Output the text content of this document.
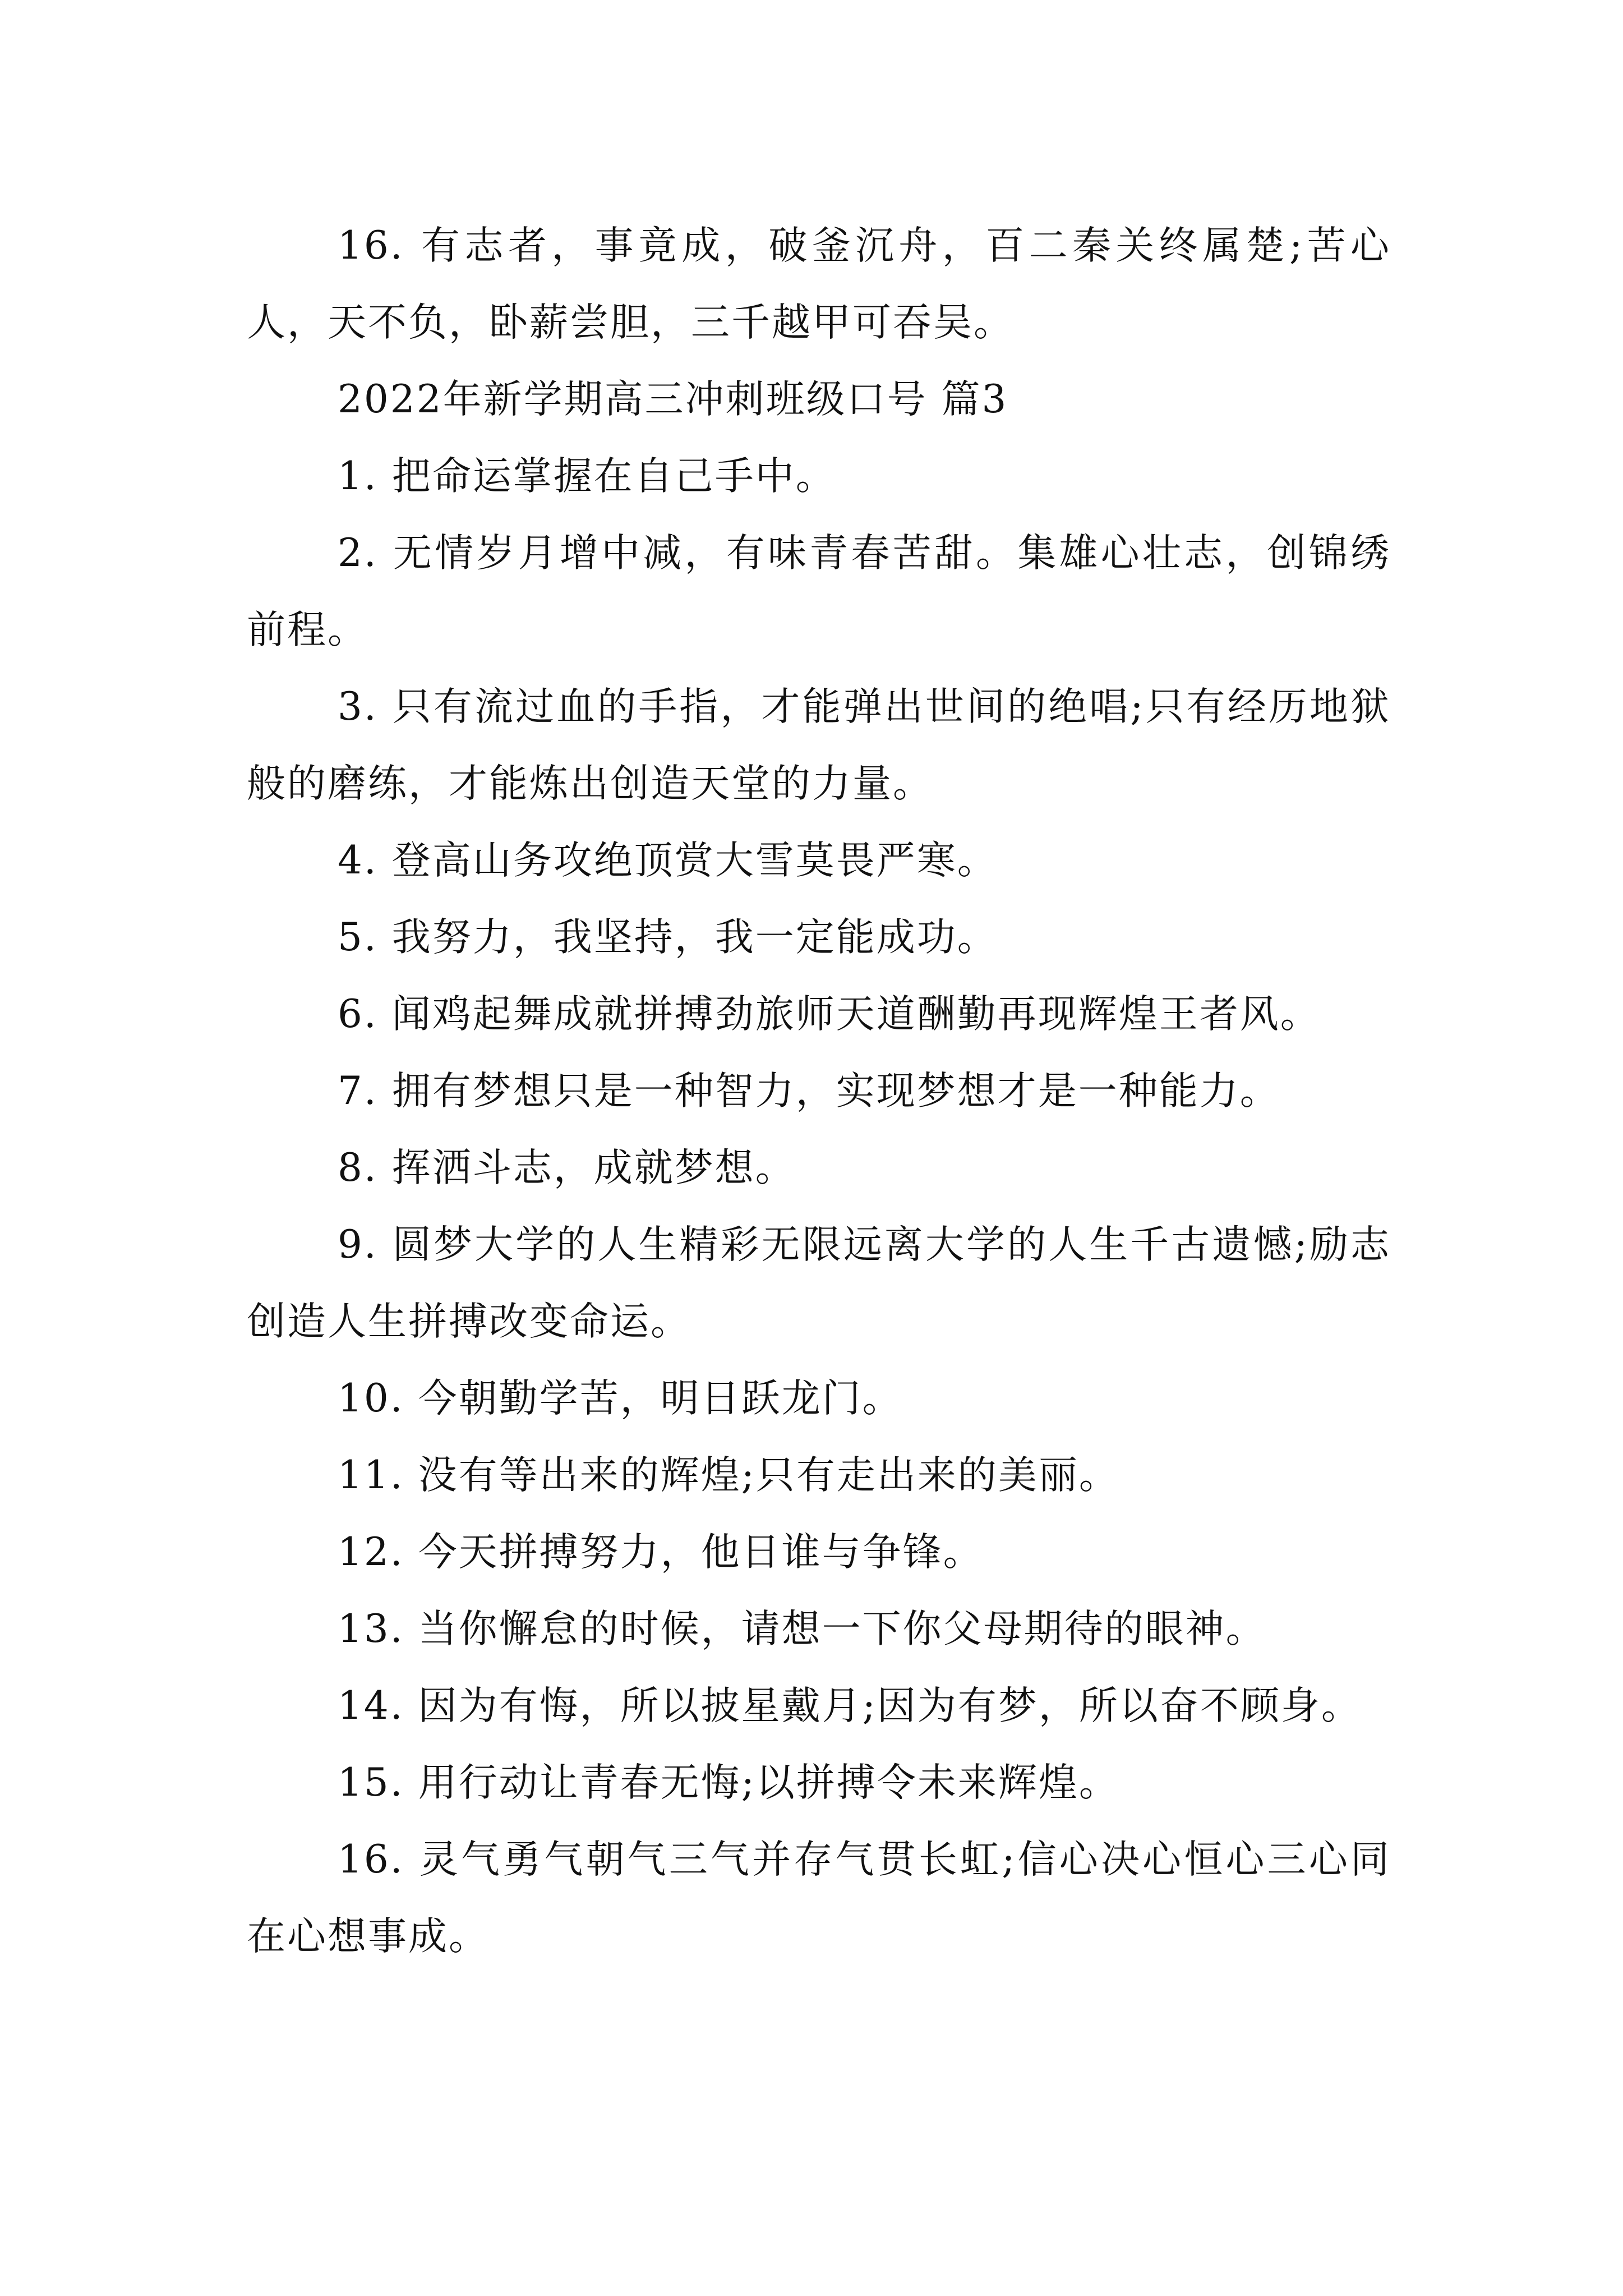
16. 有志者，事竟成，破釜沉舟，百二秦关终属楚;苦心人，天不负，卧薪尝胆，三千越甲可吞吴。

2022年新学期高三冲刺班级口号 篇3

1. 把命运掌握在自己手中。

2. 无情岁月增中减，有味青春苦甜。集雄心壮志，创锦绣前程。

3. 只有流过血的手指，才能弹出世间的绝唱;只有经历地狱般的磨练，才能炼出创造天堂的力量。

4. 登高山务攻绝顶赏大雪莫畏严寒。

5. 我努力，我坚持，我一定能成功。

6. 闻鸡起舞成就拼搏劲旅师天道酬勤再现辉煌王者风。

7. 拥有梦想只是一种智力，实现梦想才是一种能力。

8. 挥洒斗志，成就梦想。

9. 圆梦大学的人生精彩无限远离大学的人生千古遗憾;励志创造人生拼搏改变命运。

10. 今朝勤学苦，明日跃龙门。

11. 没有等出来的辉煌;只有走出来的美丽。

12. 今天拼搏努力，他日谁与争锋。

13. 当你懈怠的时候，请想一下你父母期待的眼神。

14. 因为有悔，所以披星戴月;因为有梦，所以奋不顾身。

15. 用行动让青春无悔;以拼搏令未来辉煌。

16. 灵气勇气朝气三气并存气贯长虹;信心决心恒心三心同在心想事成。
